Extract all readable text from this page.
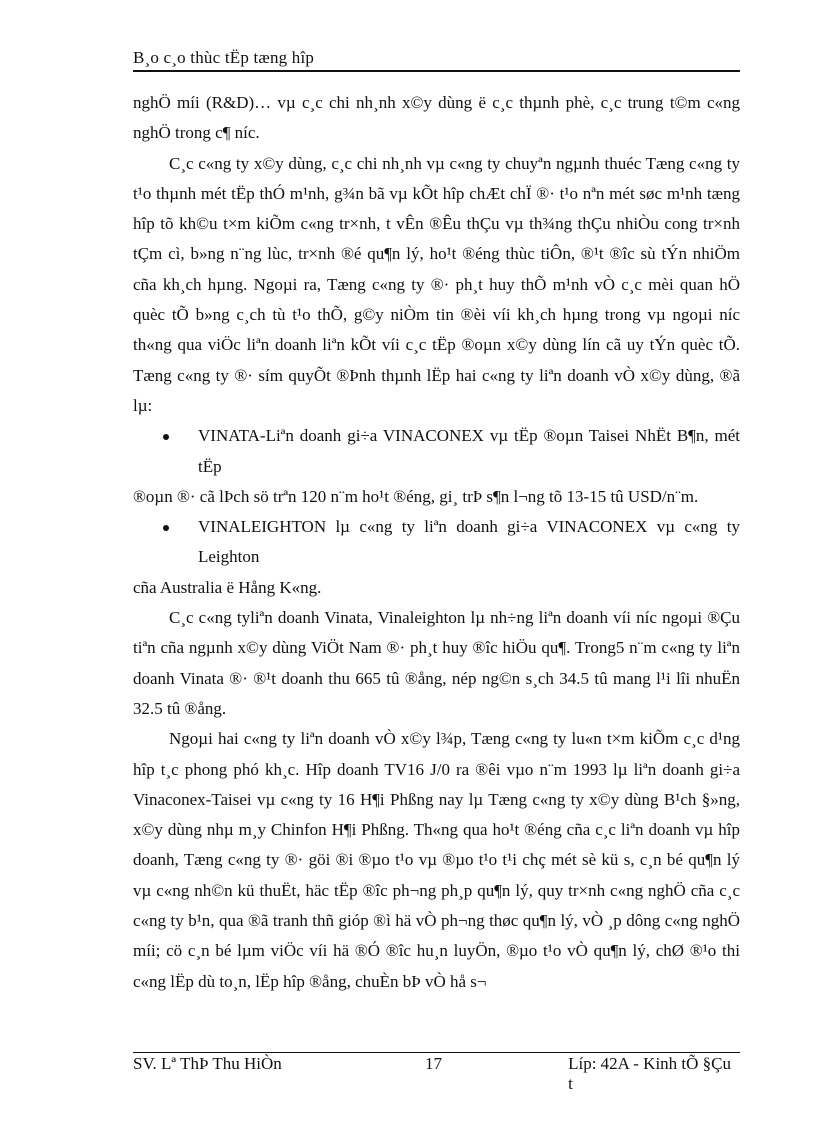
B¸o c¸o thùc tËp tæng hîp

nghÖ míi (R&D)… vµ c¸c chi nh¸nh x©y dùng ë c¸c thµnh phè, c¸c trung t©m c«ng nghÖ trong c¶ níc.

C¸c c«ng ty x©y dùng, c¸c chi nh¸nh vµ c«ng ty chuyªn ngµnh thuéc Tæng c«ng ty t¹o thµnh mét tËp thÓ m¹nh, g¾n bã vµ kÕt hîp chÆt chÏ ®· t¹o nªn mét søc m¹nh tæng hîp tõ kh©u t×m kiÕm c«ng tr×nh, t vÊn ®Êu thÇu vµ th¾ng thÇu nhiÒu cong tr×nh tÇm cì, b»ng n¨ng lùc, tr×nh ®é qu¶n lý, ho¹t ®éng thùc tiÔn, ®¹t ®îc sù tÝn nhiÖm cña kh¸ch hµng. Ngoµi ra, Tæng c«ng ty ®· ph¸t huy thÕ m¹nh vÒ c¸c mèi quan hÖ quèc tÕ b»ng c¸ch tù t¹o thÕ, g©y niÒm tin ®èi víi kh¸ch hµng trong vµ ngoµi níc th«ng qua viÖc liªn doanh liªn kÕt víi c¸c tËp ®oµn x©y dùng lín cã uy tÝn quèc tÕ. Tæng c«ng ty ®· sím quyÕt ®Þnh thµnh lËp hai c«ng ty liªn doanh vÒ x©y dùng, ®ã lµ:

VINATA-Liªn doanh gi÷a VINACONEX vµ tËp ®oµn Taisei NhËt B¶n, mét tËp

®oµn ®· cã lÞch sö trªn 120 n¨m ho¹t ®éng, gi¸ trÞ s¶n l¬ng tõ 13-15 tû USD/n¨m.

VINALEIGHTON lµ c«ng ty liªn doanh gi÷a VINACONEX vµ c«ng ty Leighton

cña Australia ë Hång K«ng.

C¸c c«ng tyliªn doanh Vinata, Vinaleighton lµ nh÷ng liªn doanh víi níc ngoµi ®Çu tiªn cña ngµnh x©y dùng ViÖt Nam ®· ph¸t huy ®îc hiÖu qu¶. Trong5 n¨m c«ng ty liªn doanh Vinata ®· ®¹t doanh thu 665 tû ®ång, nép ng©n s¸ch 34.5 tû mang l¹i lîi nhuËn 32.5 tû ®ång.

Ngoµi hai c«ng ty liªn doanh vÒ x©y l¾p, Tæng c«ng ty lu«n t×m kiÕm c¸c d¹ng hîp t¸c phong phó kh¸c. Hîp doanh TV16 J/0 ra ®êi vµo n¨m 1993 lµ liªn doanh gi÷a Vinaconex-Taisei vµ c«ng ty 16 H¶i Phßng nay lµ Tæng c«ng ty x©y dùng B¹ch §»ng, x©y dùng nhµ m¸y Chinfon H¶i Phßng. Th«ng qua ho¹t ®éng cña c¸c liªn doanh vµ hîp doanh, Tæng c«ng ty ®· göi ®i ®µo t¹o vµ ®µo t¹o t¹i chç mét sè kü s, c¸n bé qu¶n lý vµ c«ng nh©n kü thuËt, häc tËp ®îc ph¬ng ph¸p qu¶n lý, quy tr×nh c«ng nghÖ cña c¸c c«ng ty b¹n, qua ®ã tranh thñ gióp ®ì hä vÒ ph¬ng thøc qu¶n lý, vÒ ¸p dông c«ng nghÖ míi; cö c¸n bé lµm viÖc víi hä ®Ó ®îc hu¸n luyÖn, ®µo t¹o vÒ qu¶n lý, chØ ®¹o thi c«ng lËp dù to¸n, lËp hîp ®ång, chuÈn bÞ vÒ hå s¬

SV. Lª ThÞ Thu HiÒn	17	Líp: 42A - Kinh tÕ §Çu t
